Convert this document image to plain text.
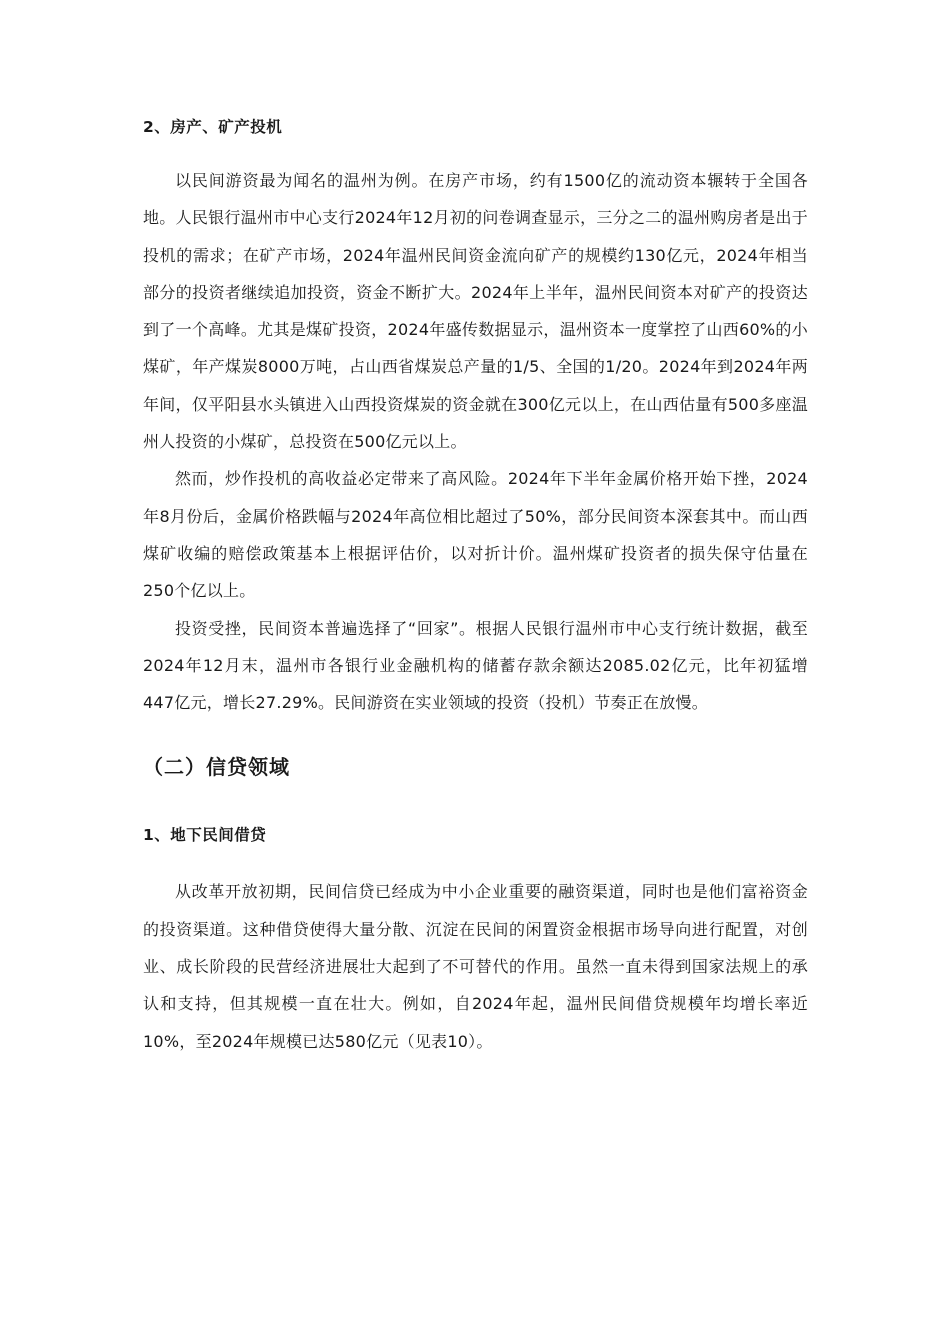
2、房产、矿产投机

以民间游资最为闻名的温州为例。在房产市场，约有1500亿的流动资本辗转于全国各地。人民银行温州市中心支行2024年12月初的问卷调查显示，三分之二的温州购房者是出于投机的需求；在矿产市场，2024年温州民间资金流向矿产的规模约130亿元，2024年相当部分的投资者继续追加投资，资金不断扩大。2024年上半年，温州民间资本对矿产的投资达到了一个高峰。尤其是煤矿投资，2024年盛传数据显示，温州资本一度掌控了山西60%的小煤矿，年产煤炭8000万吨，占山西省煤炭总产量的1/5、全国的1/20。2024年到2024年两年间，仅平阳县水头镇进入山西投资煤炭的资金就在300亿元以上，在山西估量有500多座温州人投资的小煤矿，总投资在500亿元以上。

然而，炒作投机的高收益必定带来了高风险。2024年下半年金属价格开始下挫，2024年8月份后，金属价格跌幅与2024年高位相比超过了50%，部分民间资本深套其中。而山西煤矿收编的赔偿政策基本上根据评估价，以对折计价。温州煤矿投资者的损失保守估量在250个亿以上。

投资受挫，民间资本普遍选择了“回家”。根据人民银行温州市中心支行统计数据，截至2024年12月末，温州市各银行业金融机构的储蓄存款余额达2085.02亿元，比年初猛增447亿元，增长27.29%。民间游资在实业领域的投资（投机）节奏正在放慢。

（二）信贷领域
1、地下民间借贷

从改革开放初期，民间信贷已经成为中小企业重要的融资渠道，同时也是他们富裕资金的投资渠道。这种借贷使得大量分散、沉淀在民间的闲置资金根据市场导向进行配置，对创业、成长阶段的民营经济进展壮大起到了不可替代的作用。虽然一直未得到国家法规上的承认和支持，但其规模一直在壮大。例如，自2024年起，温州民间借贷规模年均增长率近10%，至2024年规模已达580亿元（见表10）。
